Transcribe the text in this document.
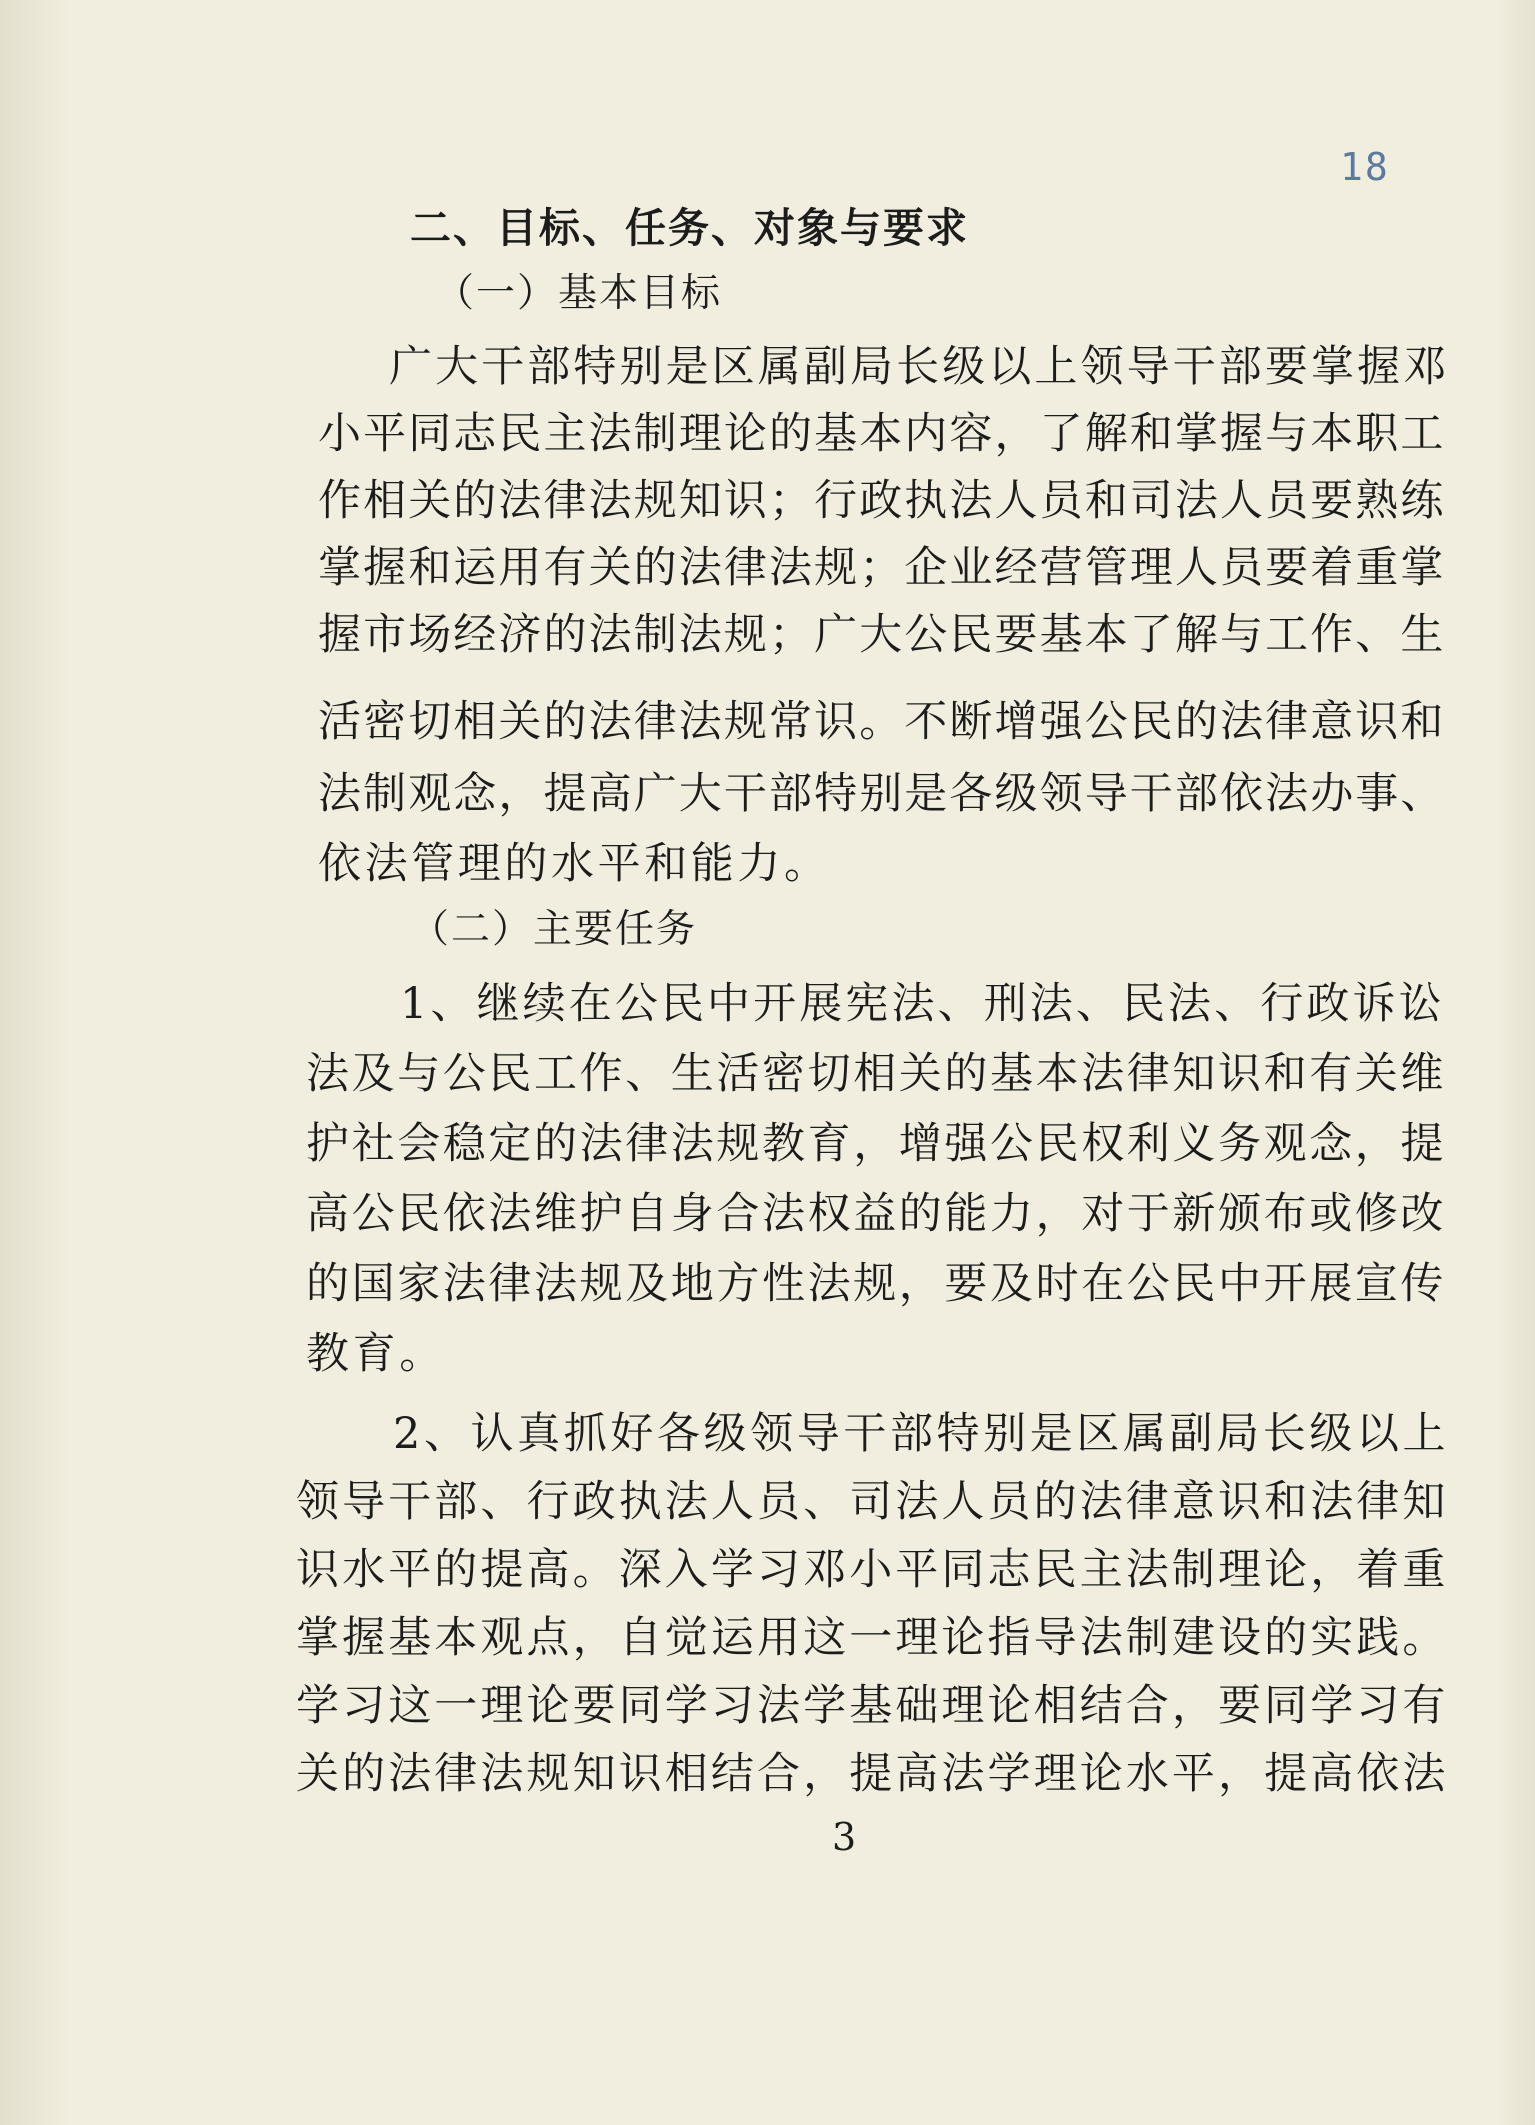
18
二、目标、任务、对象与要求
（一）基本目标
广大干部特别是区属副局长级以上领导干部要掌握邓
小平同志民主法制理论的基本内容，了解和掌握与本职工
作相关的法律法规知识；行政执法人员和司法人员要熟练
掌握和运用有关的法律法规；企业经营管理人员要着重掌
握市场经济的法制法规；广大公民要基本了解与工作、生
活密切相关的法律法规常识。不断增强公民的法律意识和
法制观念，提高广大干部特别是各级领导干部依法办事、
依法管理的水平和能力。
（二）主要任务
1、继续在公民中开展宪法、刑法、民法、行政诉讼
法及与公民工作、生活密切相关的基本法律知识和有关维
护社会稳定的法律法规教育，增强公民权利义务观念，提
高公民依法维护自身合法权益的能力，对于新颁布或修改
的国家法律法规及地方性法规，要及时在公民中开展宣传
教育。
2、认真抓好各级领导干部特别是区属副局长级以上
领导干部、行政执法人员、司法人员的法律意识和法律知
识水平的提高。深入学习邓小平同志民主法制理论，着重
掌握基本观点，自觉运用这一理论指导法制建设的实践。
学习这一理论要同学习法学基础理论相结合，要同学习有
关的法律法规知识相结合，提高法学理论水平，提高依法
3
